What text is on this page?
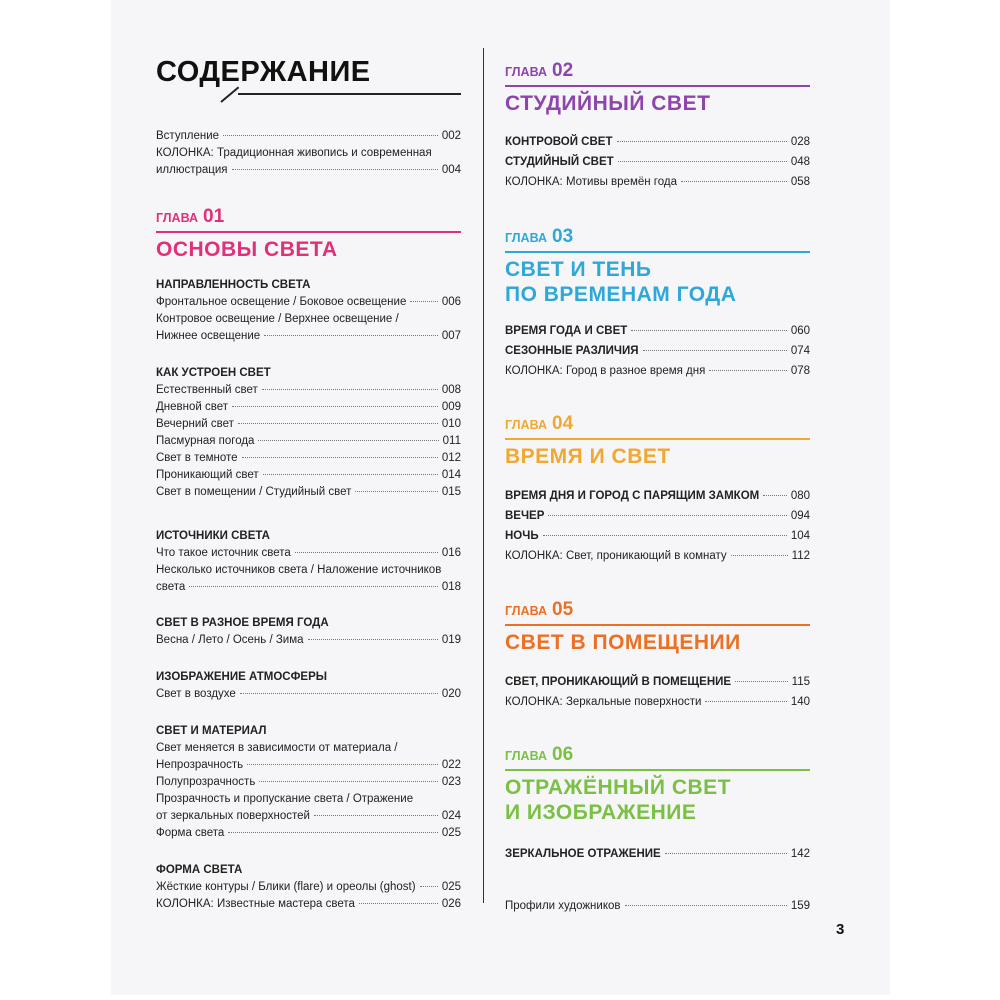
СОДЕРЖАНИЕ
Вступление	002
КОЛОНКА: Традиционная живопись и современная
иллюстрация	004
ГЛАВА 01
ОСНОВЫ СВЕТА
НАПРАВЛЕННОСТЬ СВЕТА
Фронтальное освещение / Боковое освещение	006
Контровое освещение / Верхнее освещение /
Нижнее освещение	007
КАК УСТРОЕН СВЕТ
Естественный свет	008
Дневной свет	009
Вечерний свет	010
Пасмурная погода	011
Свет в темноте	012
Проникающий свет	014
Свет в помещении / Студийный свет	015
ИСТОЧНИКИ СВЕТА
Что такое источник света	016
Несколько источников света / Наложение источников
света	018
СВЕТ В РАЗНОЕ ВРЕМЯ ГОДА
Весна / Лето / Осень / Зима	019
ИЗОБРАЖЕНИЕ АТМОСФЕРЫ
Свет в воздухе	020
СВЕТ И МАТЕРИАЛ
Свет меняется в зависимости от материала /
Непрозрачность	022
Полупрозрачность	023
Прозрачность и пропускание света / Отражение
от зеркальных поверхностей	024
Форма света	025
ФОРМА СВЕТА
Жёсткие контуры / Блики (flare) и ореолы (ghost) 025
КОЛОНКА: Известные мастера света	026
ГЛАВА 02
СТУДИЙНЫЙ СВЕТ
КОНТРОВОЙ СВЕТ	028
СТУДИЙНЫЙ СВЕТ	048
КОЛОНКА: Мотивы времён года	058
ГЛАВА 03
СВЕТ И ТЕНЬ
ПО ВРЕМЕНАМ ГОДА
ВРЕМЯ ГОДА И СВЕТ	060
СЕЗОННЫЕ РАЗЛИЧИЯ	074
КОЛОНКА: Город в разное время дня	078
ГЛАВА 04
ВРЕМЯ И СВЕТ
ВРЕМЯ ДНЯ И ГОРОД С ПАРЯЩИМ ЗАМКОМ	080
ВЕЧЕР	094
НОЧЬ	104
КОЛОНКА: Свет, проникающий в комнату	112
ГЛАВА 05
СВЕТ В ПОМЕЩЕНИИ
СВЕТ, ПРОНИКАЮЩИЙ В ПОМЕЩЕНИЕ	115
КОЛОНКА: Зеркальные поверхности	140
ГЛАВА 06
ОТРАЖЁННЫЙ СВЕТ
И ИЗОБРАЖЕНИЕ
ЗЕРКАЛЬНОЕ ОТРАЖЕНИЕ	142
Профили художников	159
3
